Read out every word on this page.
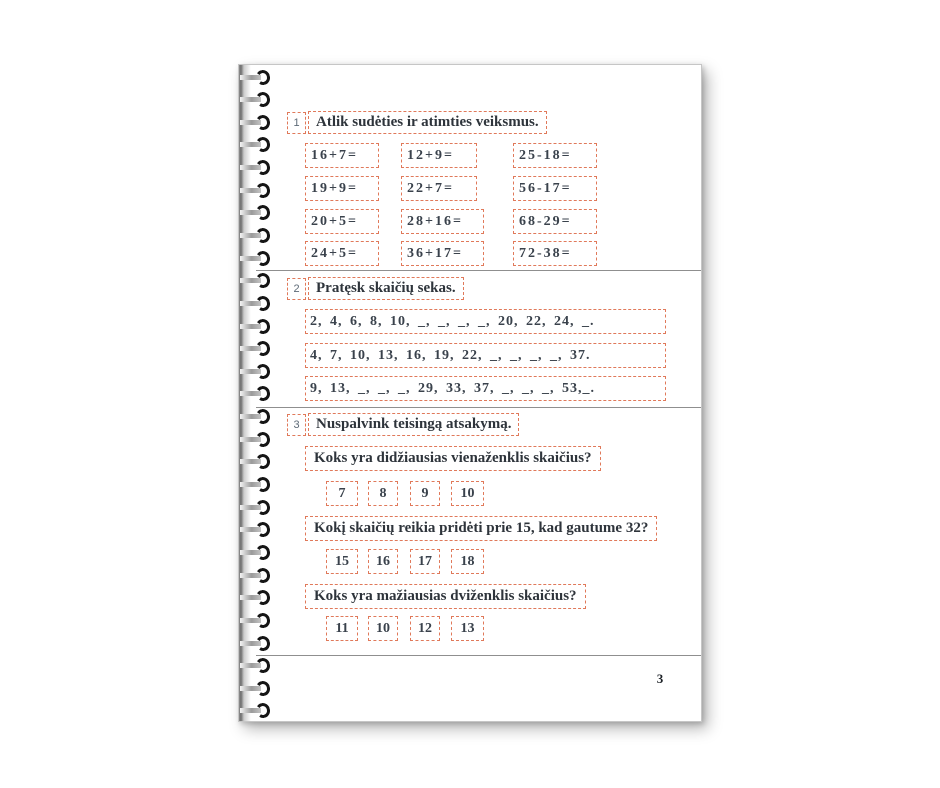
1	Atlik sudėties ir atimties veiksmus.
16+7=	12+9=	25-18=
19+9=	22+7=	56-17=
20+5=	28+16=	68-29=
24+5=	36+17=	72-38=
2	Pratęsk skaičių sekas.
2, 4, 6, 8, 10, _, _, _, _, 20, 22, 24, _.
4, 7, 10, 13, 16, 19, 22, _, _, _, _, 37.
9, 13, _, _, _, 29, 33, 37, _, _, _, 53,_.
3	Nuspalvink teisingą atsakymą.
Koks yra didžiausias vienaženklis skaičius?
7	8	9	10
Kokį skaičių reikia pridėti prie 15, kad gautume 32?
15	16	17	18
Koks yra mažiausias dviženklis skaičius?
11	10	12	13
3
